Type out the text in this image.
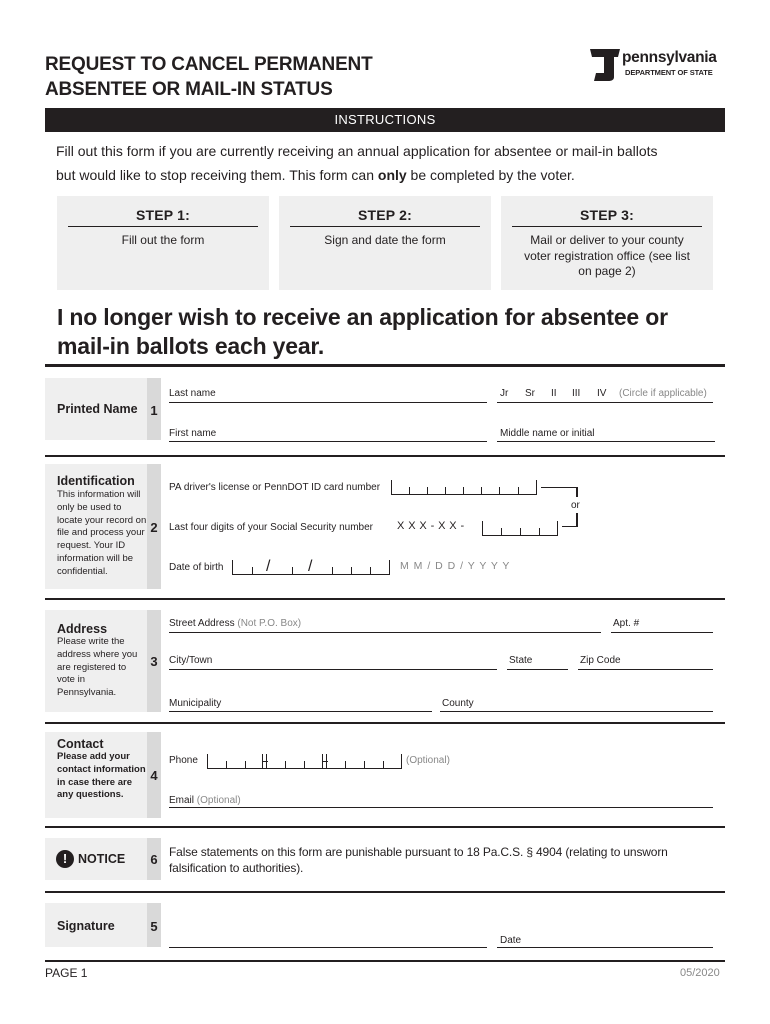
REQUEST TO CANCEL PERMANENT
ABSENTEE OR MAIL-IN STATUS
pennsylvania
DEPARTMENT OF STATE
INSTRUCTIONS
Fill out this form if you are currently receiving an annual application for absentee or mail-in ballots
but would like to stop receiving them. This form can only be completed by the voter.
STEP 1:
Fill out the form
STEP 2:
Sign and date the form
STEP 3:
Mail or deliver to your county voter registration office (see list on page 2)
I no longer wish to receive an application for absentee or
mail-in ballots each year.
Printed Name 1
Last name	Jr Sr II III IV (Circle if applicable)
First name	Middle name or initial
Identification
This information will only be used to locate your record on file and process your request. Your ID information will be confidential.
2
PA driver's license or PennDOT ID card number
or
Last four digits of your Social Security number X X X - X X -
Date of birth	/ /	M M / D D / Y Y Y Y
Address
Please write the address where you are registered to vote in Pennsylvania.
3
Street Address (Not P.O. Box)	Apt. #
City/Town	State	Zip Code
Municipality	County
Contact
Please add your contact information in case there are any questions.
4
Phone	(Optional)
Email (Optional)
! NOTICE 6 False statements on this form are punishable pursuant to 18 Pa.C.S. § 4904 (relating to unsworn falsification to authorities).
Signature	5
Date
PAGE 1	05/2020
